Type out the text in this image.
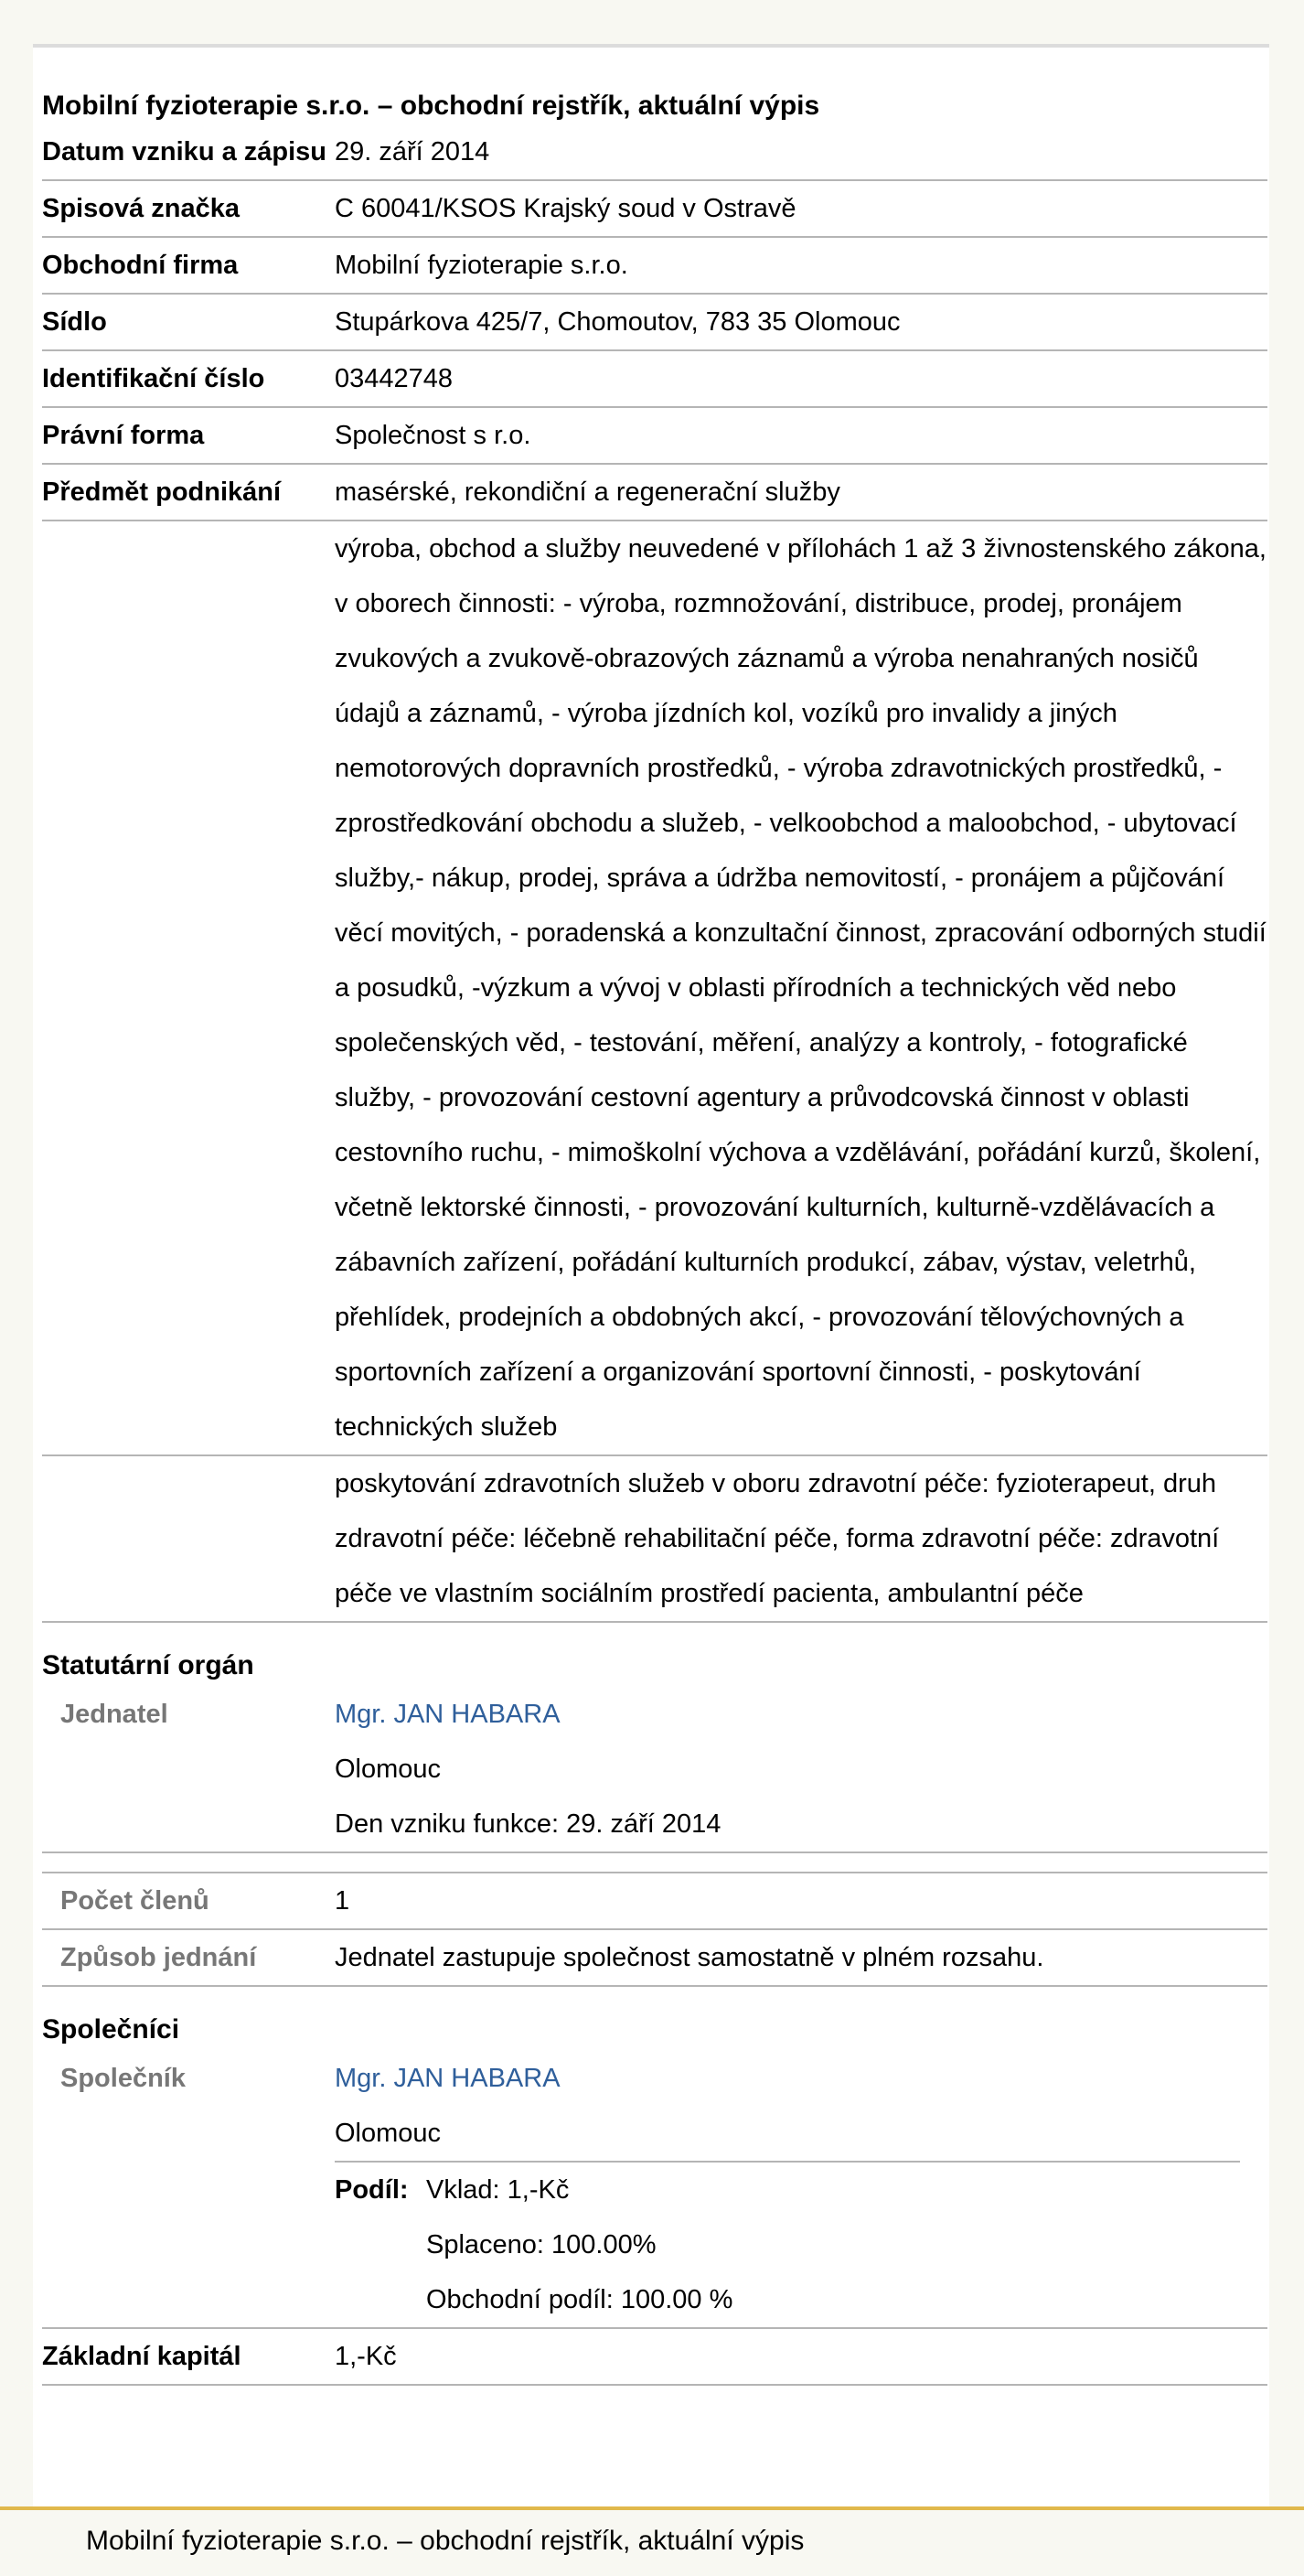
Mobilní fyzioterapie s.r.o. – obchodní rejstřík, aktuální výpis
Datum vzniku a zápisu 29. září 2014
Spisová značka	C 60041/KSOS Krajský soud v Ostravě
Obchodní firma	Mobilní fyzioterapie s.r.o.
Sídlo	Stupárkova 425/7, Chomoutov, 783 35 Olomouc
Identifikační číslo	03442748
Právní forma	Společnost s r.o.
Předmět podnikání	masérské, rekondiční a regenerační služby
výroba, obchod a služby neuvedené v přílohách 1 až 3 živnostenského zákona, v oborech činnosti: - výroba, rozmnožování, distribuce, prodej, pronájem zvukových a zvukově-obrazových záznamů a výroba nenahraných nosičů údajů a záznamů, - výroba jízdních kol, vozíků pro invalidy a jiných nemotorových dopravních prostředků, - výroba zdravotnických prostředků, - zprostředkování obchodu a služeb, - velkoobchod a maloobchod, - ubytovací služby,- nákup, prodej, správa a údržba nemovitostí, - pronájem a půjčování věcí movitých, - poradenská a konzultační činnost, zpracování odborných studií a posudků, -výzkum a vývoj v oblasti přírodních a technických věd nebo společenských věd, - testování, měření, analýzy a kontroly, - fotografické služby, - provozování cestovní agentury a průvodcovská činnost v oblasti cestovního ruchu, - mimoškolní výchova a vzdělávání, pořádání kurzů, školení, včetně lektorské činnosti, - provozování kulturních, kulturně-vzdělávacích a zábavních zařízení, pořádání kulturních produkcí, zábav, výstav, veletrhů, přehlídek, prodejních a obdobných akcí, - provozování tělovýchovných a sportovních zařízení a organizování sportovní činnosti, - poskytování technických služeb
poskytování zdravotních služeb v oboru zdravotní péče: fyzioterapeut, druh zdravotní péče: léčebně rehabilitační péče, forma zdravotní péče: zdravotní péče ve vlastním sociálním prostředí pacienta, ambulantní péče
Statutární orgán
Jednatel	Mgr. JAN HABARA
Olomouc
Den vzniku funkce: 29. září 2014
Počet členů	1
Způsob jednání	Jednatel zastupuje společnost samostatně v plném rozsahu.
Společníci
Společník	Mgr. JAN HABARA
Olomouc
Podíl: Vklad: 1,-Kč
Splaceno: 100.00%
Obchodní podíl: 100.00 %
Základní kapitál	1,-Kč
Mobilní fyzioterapie s.r.o. – obchodní rejstřík, aktuální výpis
